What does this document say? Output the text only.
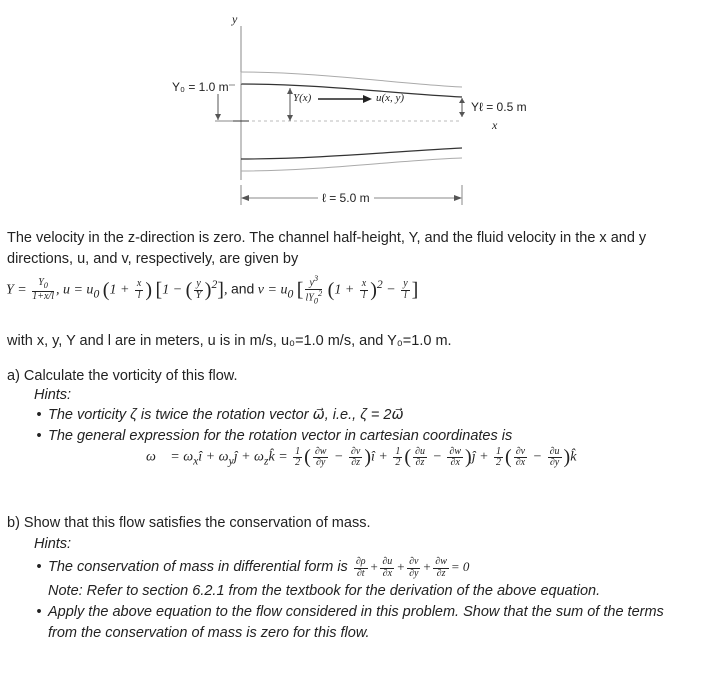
y
Y₀ = 1.0 m
Y(x)	u(x, y)
Yℓ = 0.5 m
x
ℓ = 5.0 m
The velocity in the z-direction is zero. The channel half-height, Y, and the fluid velocity in the x and y
directions, u, and v, respectively, are given by
$Y = \frac{Y_0}{1+x/l}$ , $u = u_0$ ($1 + \frac{x}{l}$ ) [1 − ( $\frac{y}{Y} )^2$], and $v = u_0$ [ $\frac{y^3}{lY_0^2} (1 + \frac{x}{l} )^2 - \frac{y}{l}$ ]
with x, y, Y and l are in meters, u is in m/s, u₀=1.0 m/s, and Y₀=1.0 m.
a) Calculate the vorticity of this flow.
Hints:
• The vorticity ζ is twice the rotation vector ω⃗, i.e., ζ = 2ω⃗
• The general expression for the rotation vector in cartesian coordinates is
ω⃗ = $\omega_xî$ + $\omega_yĵ$ + $\omega_zk̂ = \frac{1}{2}$ ( $\frac{\partial w}{\partial y} - \frac{\partial v}{\partial z}$ )î + $\frac{1}{2}$ ( $\frac{\partial u}{\partial z} - \frac{\partial w}{\partial x}$ )ĵ + $\frac{1}{2}$ ( $\frac{\partial v}{\partial x} - \frac{\partial u}{\partial y}$ )k̂
b) Show that this flow satisfies the conservation of mass.
Hints:
• The conservation of mass in differential form is $\frac{\partial\rho}{\partial t} + \frac{\partial u}{\partial x} + \frac{\partial v}{\partial y} + \frac{\partial w}{\partial z} = 0$
Note: Refer to section 6.2.1 from the textbook for the derivation of the above equation.
• Apply the above equation to the flow considered in this problem. Show that the sum of the terms
from the conservation of mass is zero for this flow.
